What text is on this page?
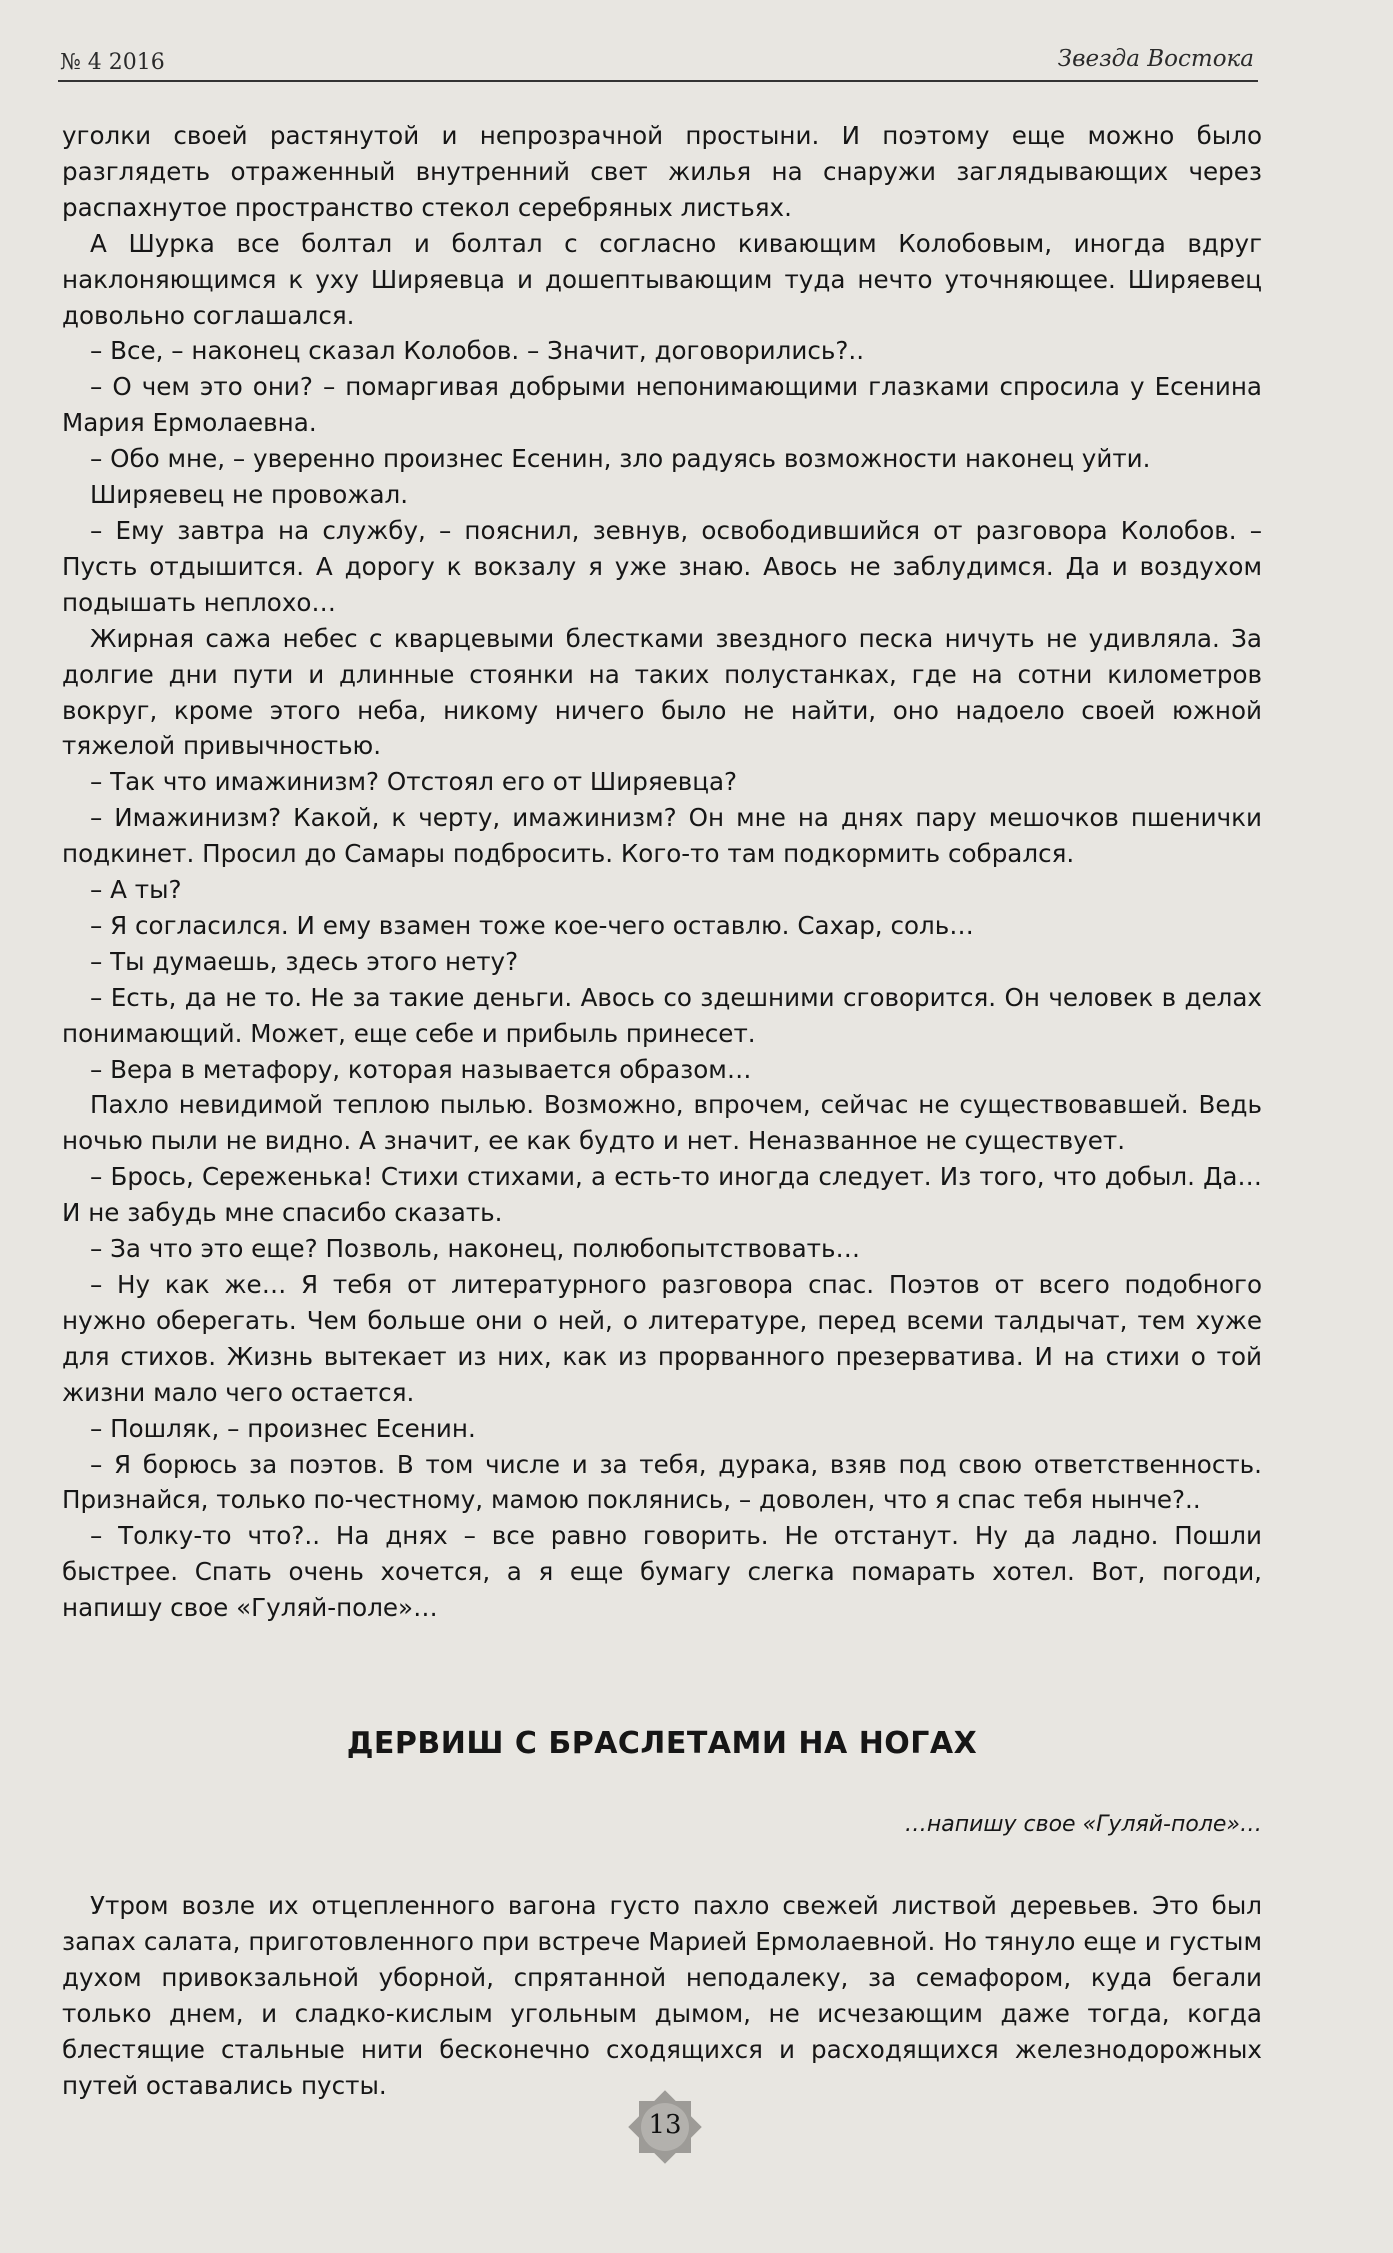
№ 4 2016	Звезда Востока

уголки своей растянутой и непрозрачной простыни. И поэтому еще можно было разглядеть отраженный внутренний свет жилья на снаружи заглядывающих через распахнутое пространство стекол серебряных листьях.

А Шурка все болтал и болтал с согласно кивающим Колобовым, иногда вдруг наклоняющимся к уху Ширяевца и дошептывающим туда нечто уточняющее. Ширяевец довольно соглашался.

– Все, – наконец сказал Колобов. – Значит, договорились?..

– О чем это они? – помаргивая добрыми непонимающими глазками спросила у Есенина Мария Ермолаевна.

– Обо мне, – уверенно произнес Есенин, зло радуясь возможности наконец уйти.

Ширяевец не провожал.

– Ему завтра на службу, – пояснил, зевнув, освободившийся от разговора Колобов. – Пусть отдышится. А дорогу к вокзалу я уже знаю. Авось не заблудимся. Да и воздухом подышать неплохо…

Жирная сажа небес с кварцевыми блестками звездного песка ничуть не удивляла. За долгие дни пути и длинные стоянки на таких полустанках, где на сотни километров вокруг, кроме этого неба, никому ничего было не найти, оно надоело своей южной тяжелой привычностью.

– Так что имажинизм? Отстоял его от Ширяевца?

– Имажинизм? Какой, к черту, имажинизм? Он мне на днях пару мешочков пшенички подкинет. Просил до Самары подбросить. Кого-то там подкормить собрался.

– А ты?

– Я согласился. И ему взамен тоже кое-чего оставлю. Сахар, соль…

– Ты думаешь, здесь этого нету?

– Есть, да не то. Не за такие деньги. Авось со здешними сговорится. Он человек в делах понимающий. Может, еще себе и прибыль принесет.

– Вера в метафору, которая называется образом…

Пахло невидимой теплою пылью. Возможно, впрочем, сейчас не существовавшей. Ведь ночью пыли не видно. А значит, ее как будто и нет. Неназванное не существует.

– Брось, Сереженька! Стихи стихами, а есть-то иногда следует. Из того, что добыл. Да… И не забудь мне спасибо сказать.

– За что это еще? Позволь, наконец, полюбопытствовать…

– Ну как же… Я тебя от литературного разговора спас. Поэтов от всего подобного нужно оберегать. Чем больше они о ней, о литературе, перед всеми талдычат, тем хуже для стихов. Жизнь вытекает из них, как из прорванного презерватива. И на стихи о той жизни мало чего остается.

– Пошляк, – произнес Есенин.

– Я борюсь за поэтов. В том числе и за тебя, дурака, взяв под свою ответственность. Признайся, только по-честному, мамою поклянись, – доволен, что я спас тебя нынче?..

– Толку-то что?.. На днях – все равно говорить. Не отстанут. Ну да ладно. Пошли быстрее. Спать очень хочется, а я еще бумагу слегка помарать хотел. Вот, погоди, напишу свое «Гуляй-поле»…

ДЕРВИШ С БРАСЛЕТАМИ НА НОГАХ
…напишу свое «Гуляй-поле»…

Утром возле их отцепленного вагона густо пахло свежей листвой деревьев. Это был запах салата, приготовленного при встрече Марией Ермолаевной. Но тянуло еще и густым духом привокзальной уборной, спрятанной неподалеку, за семафором, куда бегали только днем, и сладко-кислым угольным дымом, не исчезающим даже тогда, когда блестящие стальные нити бесконечно сходящихся и расходящихся железнодорожных путей оставались пусты.

13
